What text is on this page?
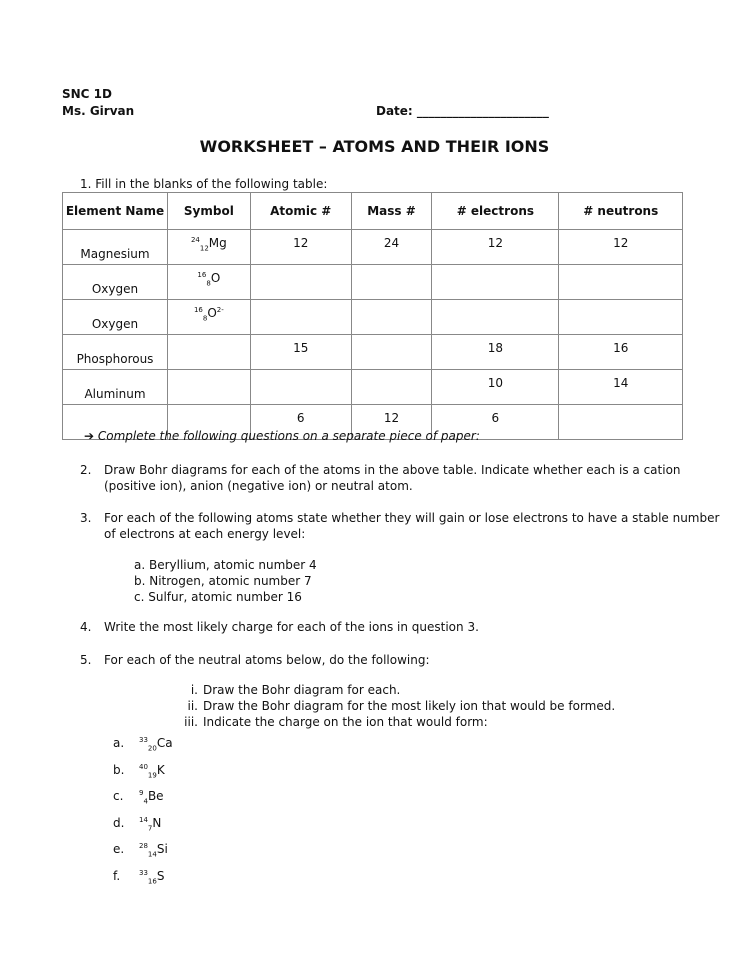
SNC 1D
Ms. Girvan	Date: ______________________
WORKSHEET – ATOMS AND THEIR IONS
1. Fill in the blanks of the following table:
Element Name	Symbol	Atomic #	Mass #	# electrons	# neutrons
Magnesium	$^{24}_{12}$Mg	12	24	12	12

Oxygen	$^{16}_8$O				

Oxygen	$^{16}_8O^{2-}$

Phosphorous		15		18	16

Aluminum				10	14

		6	12	6	

➔ Complete the following questions on a separate piece of paper:
2. Draw Bohr diagrams for each of the atoms in the above table. Indicate whether each is a cation
(positive ion), anion (negative ion) or neutral atom.
3. For each of the following atoms state whether they will gain or lose electrons to have a stable number
of electrons at each energy level:
a. Beryllium, atomic number 4
b. Nitrogen, atomic number 7
c. Sulfur, atomic number 16
4. Write the most likely charge for each of the ions in question 3.
5. For each of the neutral atoms below, do the following:
i. Draw the Bohr diagram for each.
ii. Draw the Bohr diagram for the most likely ion that would be formed.
iii. Indicate the charge on the ion that would form:
a. $^{33}_{20}$Ca
b. $^{40}_{19}$K
c. $^9_4$Be
d. $^{14}_7$N
e. $^{28}_{14}$Si
f.	$^{33}_{16}$S
